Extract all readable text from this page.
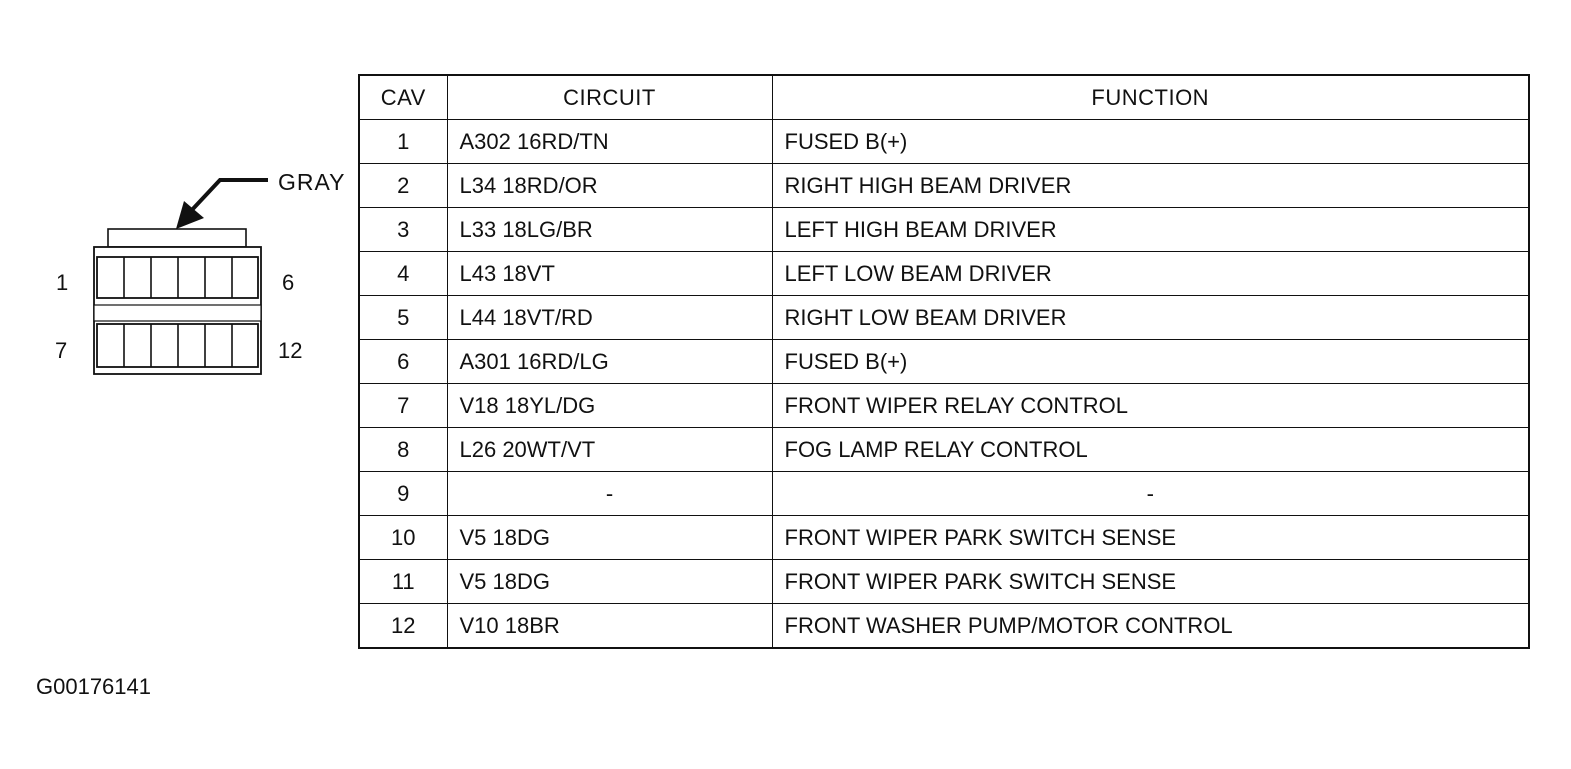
GRAY
1	6
7	12
CAV	CIRCUIT	FUNCTION
1	A302 16RD/TN	FUSED B(+)
2	L34 18RD/OR	RIGHT HIGH BEAM DRIVER
3	L33 18LG/BR	LEFT HIGH BEAM DRIVER
4	L43 18VT	LEFT LOW BEAM DRIVER
5	L44 18VT/RD	RIGHT LOW BEAM DRIVER
6	A301 16RD/LG	FUSED B(+)
7	V18 18YL/DG	FRONT WIPER RELAY CONTROL
8	L26 20WT/VT	FOG LAMP RELAY CONTROL
9	-	-
10	V5 18DG	FRONT WIPER PARK SWITCH SENSE
11	V5 18DG	FRONT WIPER PARK SWITCH SENSE
12	V10 18BR	FRONT WASHER PUMP/MOTOR CONTROL
G00176141
